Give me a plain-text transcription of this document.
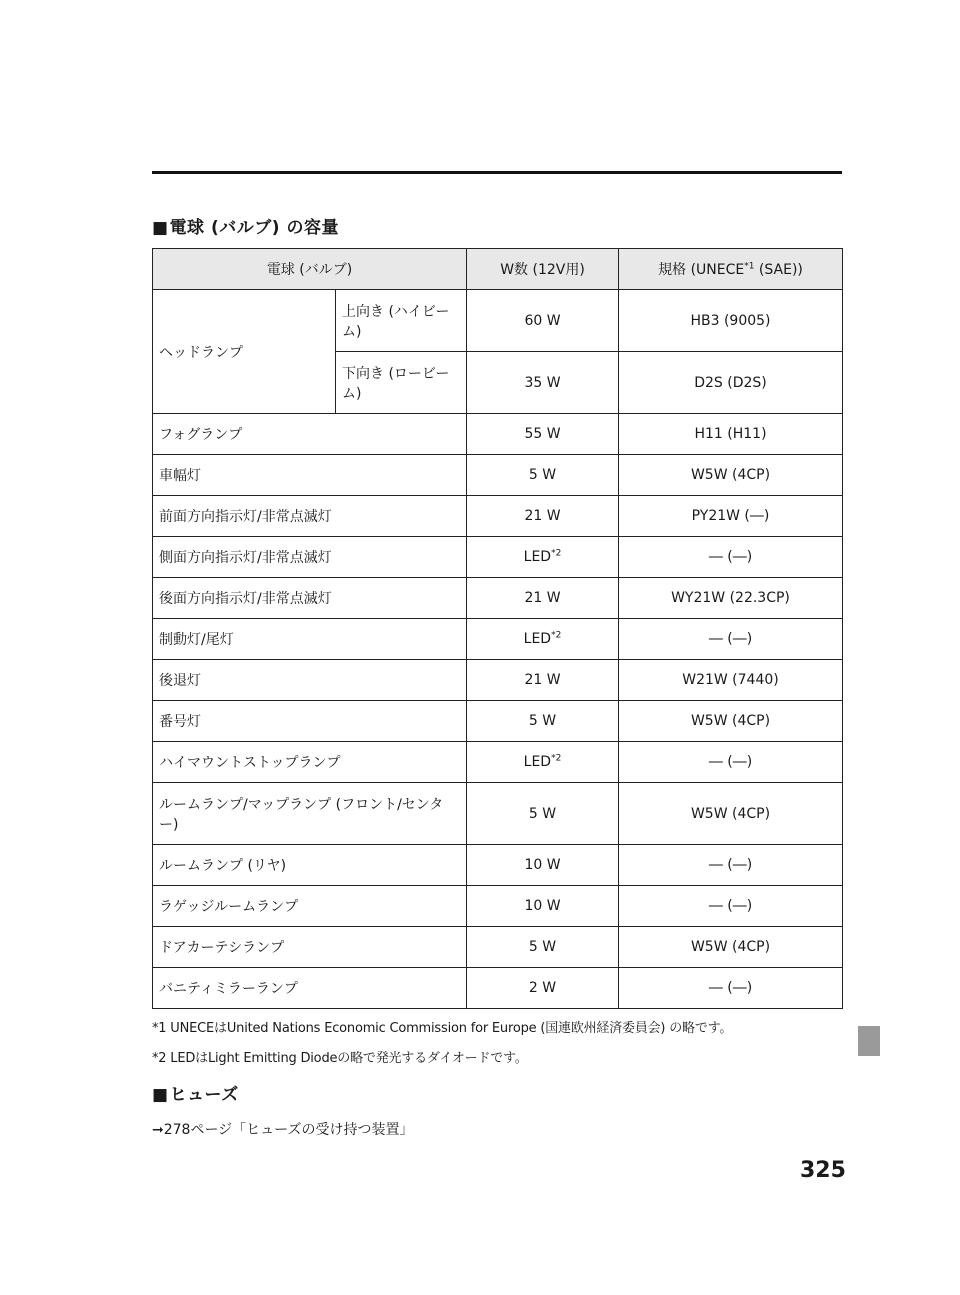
■電球 (バルブ) の容量
電球 (バルブ)		W数 (12V用)	規格 (UNECE$^{*1}$ (SAE))
ヘッドランプ	上向き (ハイビーム)	60 W	HB3 (9005)
	下向き (ロービーム)	35 W	D2S (D2S)
フォグランプ		55 W	H11 (H11)
車幅灯		5 W	W5W (4CP)
前面方向指示灯/非常点滅灯		21 W	PY21W (―)
側面方向指示灯/非常点滅灯		LED$^{*2}$	― (―)
後面方向指示灯/非常点滅灯		21 W	WY21W (22.3CP)
制動灯/尾灯		LED$^{*2}$	― (―)
後退灯		21 W	W21W (7440)
番号灯		5 W	W5W (4CP)
ハイマウントストップランプ		LED$^{*2}$	― (―)
ルームランプ/マップランプ (フロント/センター)		5 W	W5W (4CP)
ルームランプ (リヤ)		10 W	― (―)
ラゲッジルームランプ		10 W	― (―)
ドアカーテシランプ		5 W	W5W (4CP)
バニティミラーランプ		2 W	― (―)
*1 UNECEはUnited Nations Economic Commission for Europe (国連欧州経済委員会) の略です。
*2 LEDはLight Emitting Diodeの略で発光するダイオードです。
■ヒューズ
➞278ページ「ヒューズの受け持つ装置」
325
